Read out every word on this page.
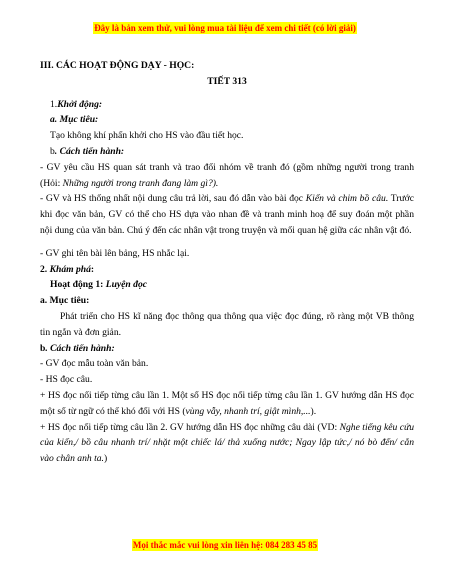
Đây là bản xem thử, vui lòng mua tài liệu để xem chi tiết (có lời giải)

III. CÁC HOẠT ĐỘNG DẠY - HỌC:

TIẾT 313

1.Khởi động:

a. Mục tiêu:

Tạo không khí phấn khởi cho HS vào đầu tiết học.

b. Cách tiến hành:

- GV yêu cầu HS quan sát tranh và trao đổi nhóm về tranh đó (gồm những người trong tranh (Hỏi: Những người trong tranh đang làm gì?).

- GV và HS thống nhất nội dung câu trả lời, sau đó dẫn vào bài đọc Kiến và chim bồ câu. Trước khi đọc văn bản, GV có thể cho HS dựa vào nhan đề và tranh minh hoạ để suy đoán một phần nội dung của văn bản. Chú ý đến các nhân vật trong truyện và mối quan hệ giữa các nhân vật đó.

- GV ghi tên bài lên bảng, HS nhắc lại.

2. Khám phá:

Hoạt động 1: Luyện đọc

a. Mục tiêu:

Phát triển cho HS kĩ năng đọc thông qua thông qua việc đọc đúng, rõ ràng một VB thông tin ngắn và đơn giản.

b. Cách tiến hành:

- GV đọc mẫu toàn văn bản.

- HS đọc câu.

+ HS đọc nối tiếp từng câu lần 1. Một số HS đọc nối tiếp từng câu lần 1. GV hướng dẫn HS đọc một số từ ngữ có thể khó đối với HS (vùng vẫy, nhanh trí, giật mình,...).

+ HS đọc nối tiếp từng câu lần 2. GV hướng dẫn HS đọc những câu dài (VD: Nghe tiếng kêu cứu của kiến,/ bồ câu nhanh trí/ nhặt một chiếc lá/ thả xuống nước; Ngay lập tức,/ nó bò đến/ cắn vào chân anh ta.)

Mọi thắc mắc vui lòng xin liên hệ: 084 283 45 85
